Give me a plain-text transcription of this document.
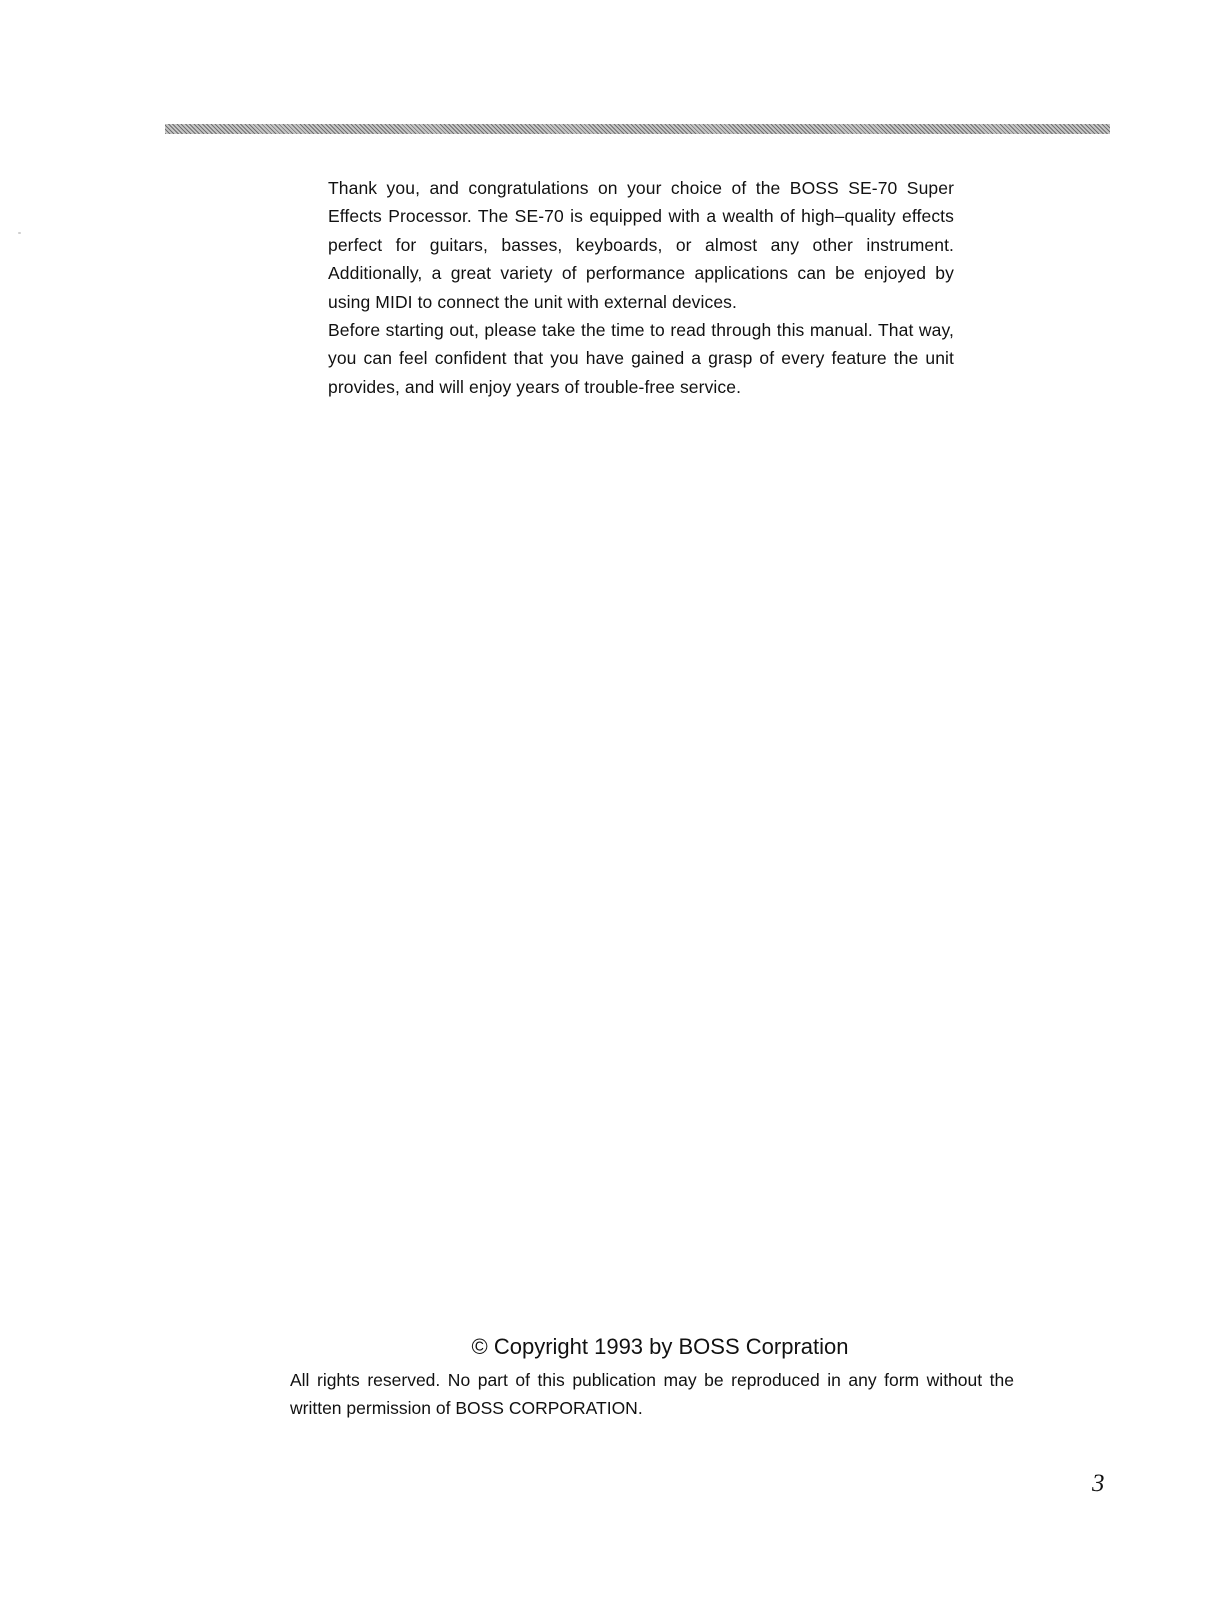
Thank you, and congratulations on your choice of the BOSS SE-70 Super Effects Processor. The SE-70 is equipped with a wealth of high–quality effects perfect for guitars, basses, keyboards, or almost any other instrument. Additionally, a great variety of performance applications can be enjoyed by using MIDI to connect the unit with external devices.

Before starting out, please take the time to read through this manual. That way, you can feel confident that you have gained a grasp of every feature the unit provides, and will enjoy years of trouble-free service.

© Copyright 1993 by BOSS Corpration
All rights reserved. No part of this publication may be reproduced in any form without the written permission of BOSS CORPORATION.
3
